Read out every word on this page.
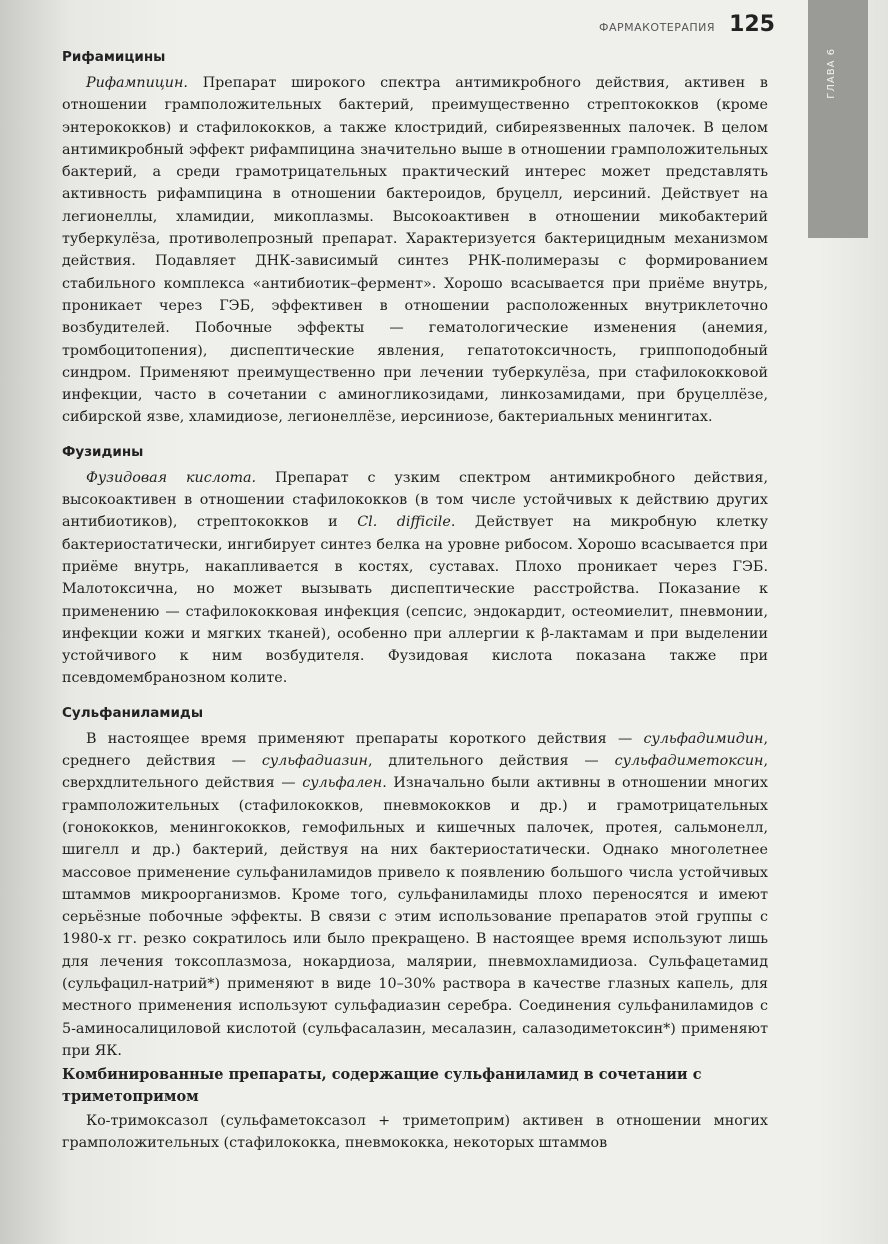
ФАРМАКОТЕРАПИЯ 125
ГЛАВА 6
Рифамицины

Рифампицин. Препарат широкого спектра антимикробного действия, активен в отношении грамположительных бактерий, преимущественно стрептококков (кроме энтерококков) и стафилококков, а также клостридий, сибиреязвенных палочек. В целом антимикробный эффект рифампицина значительно выше в отношении грамположительных бактерий, а среди грамотрицательных практический интерес может представлять активность рифампицина в отношении бактероидов, бруцелл, иерсиний. Действует на легионеллы, хламидии, микоплазмы. Высокоактивен в отношении микобактерий туберкулёза, противолепрозный препарат. Характеризуется бактерицидным механизмом действия. Подавляет ДНК-зависимый синтез РНК-полимеразы с формированием стабильного комплекса «антибиотик–фермент». Хорошо всасывается при приёме внутрь, проникает через ГЭБ, эффективен в отношении расположенных внутриклеточно возбудителей. Побочные эффекты — гематологические изменения (анемия, тромбоцитопения), диспептические явления, гепатотоксичность, гриппоподобный синдром. Применяют преимущественно при лечении туберкулёза, при стафилококковой инфекции, часто в сочетании с аминогликозидами, линкозамидами, при бруцеллёзе, сибирской язве, хламидиозе, легионеллёзе, иерсиниозе, бактериальных менингитах.

Фузидины

Фузидовая кислота. Препарат с узким спектром антимикробного действия, высокоактивен в отношении стафилококков (в том числе устойчивых к действию других антибиотиков), стрептококков и Cl. difficile. Действует на микробную клетку бактериостатически, ингибирует синтез белка на уровне рибосом. Хорошо всасывается при приёме внутрь, накапливается в костях, суставах. Плохо проникает через ГЭБ. Малотоксична, но может вызывать диспептические расстройства. Показание к применению — стафилококковая инфекция (сепсис, эндокардит, остеомиелит, пневмонии, инфекции кожи и мягких тканей), особенно при аллергии к β-лактамам и при выделении устойчивого к ним возбудителя. Фузидовая кислота показана также при псевдомембранозном колите.

Сульфаниламиды

В настоящее время применяют препараты короткого действия — сульфадимидин, среднего действия — сульфадиазин, длительного действия — сульфадиметоксин, сверхдлительного действия — сульфален. Изначально были активны в отношении многих грамположительных (стафилококков, пневмококков и др.) и грамотрицательных (гонококков, менингококков, гемофильных и кишечных палочек, протея, сальмонелл, шигелл и др.) бактерий, действуя на них бактериостатически. Однако многолетнее массовое применение сульфаниламидов привело к появлению большого числа устойчивых штаммов микроорганизмов. Кроме того, сульфаниламиды плохо переносятся и имеют серьёзные побочные эффекты. В связи с этим использование препаратов этой группы с 1980-х гг. резко сократилось или было прекращено. В настоящее время используют лишь для лечения токсоплазмоза, нокардиоза, малярии, пневмохламидиоза. Сульфацетамид (сульфацил-натрий*) применяют в виде 10–30% раствора в качестве глазных капель, для местного применения используют сульфадиазин серебра. Соединения сульфаниламидов с 5-аминосалициловой кислотой (сульфасалазин, месалазин, салазодиметоксин*) применяют при ЯК.

Комбинированные препараты, содержащие сульфаниламид в сочетании с триметопримом

Ко-тримоксазол (сульфаметоксазол + триметоприм) активен в отношении многих грамположительных (стафилококка, пневмококка, некоторых штаммов
